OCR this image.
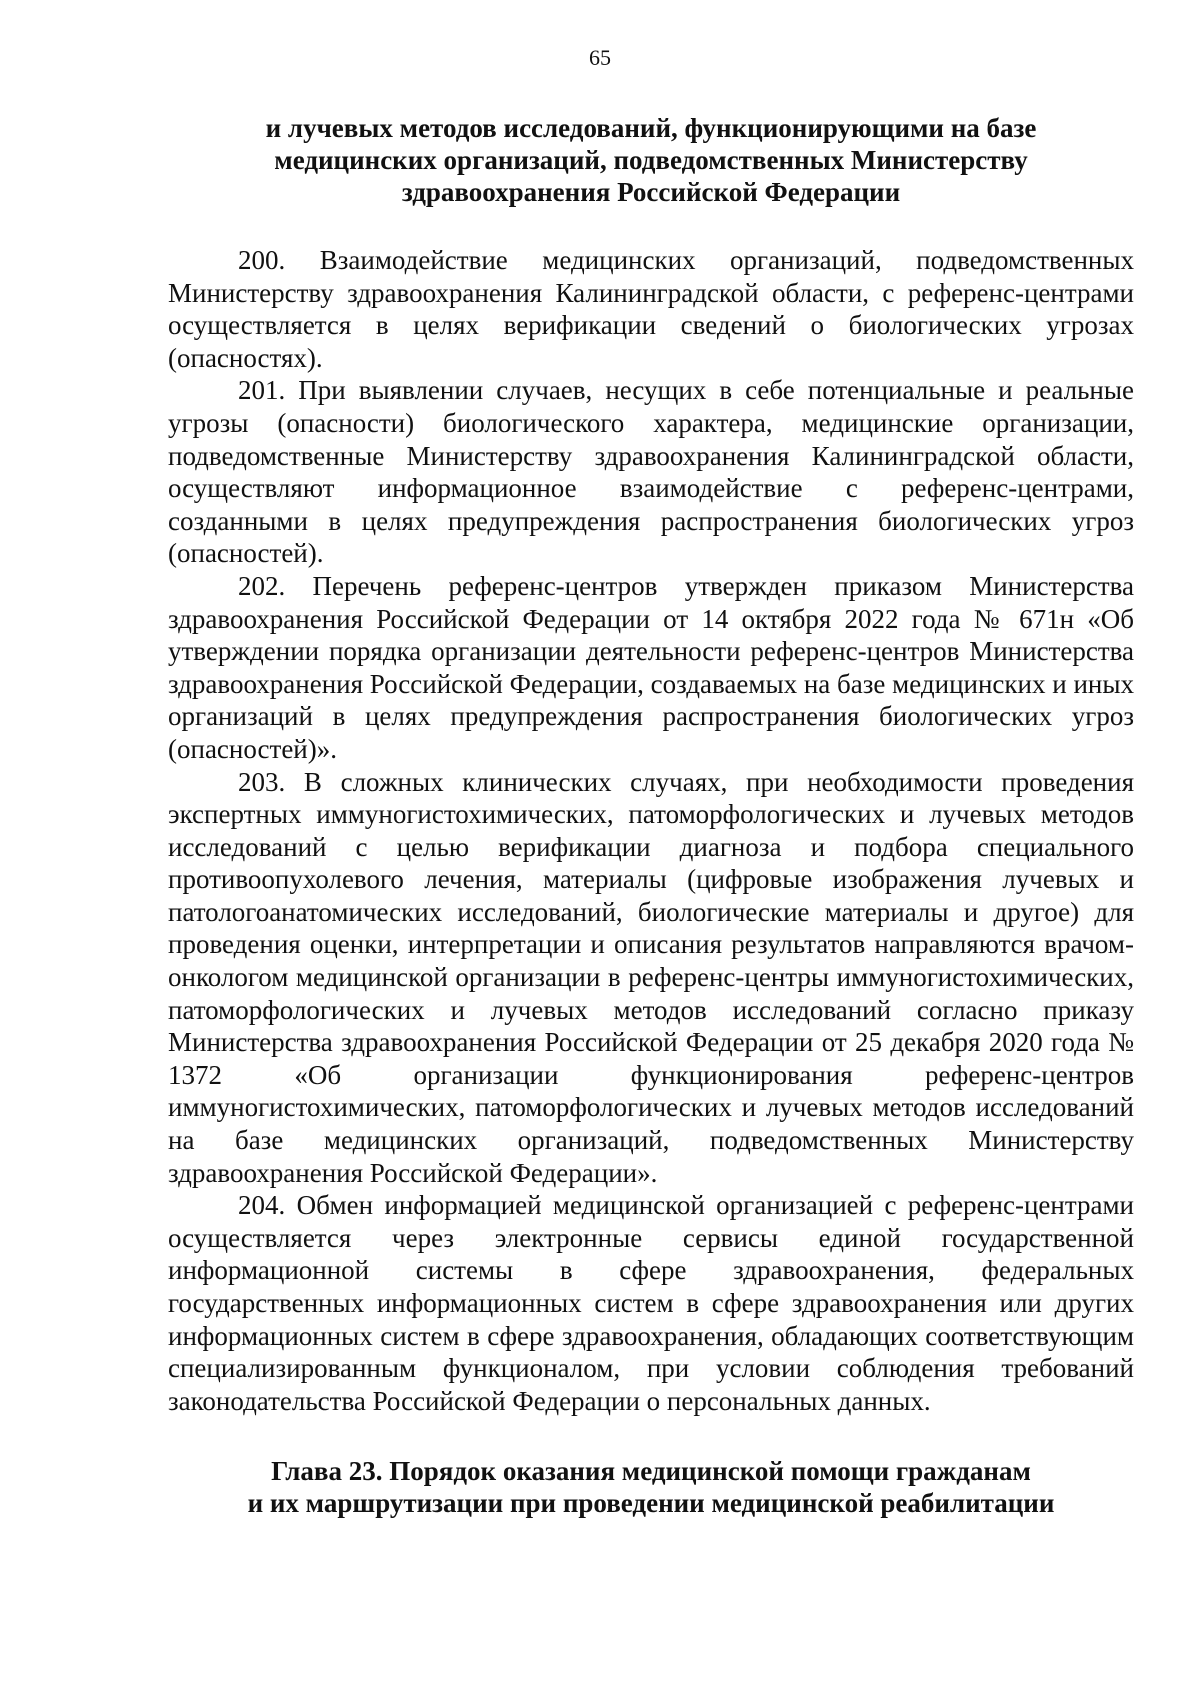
65
и лучевых методов исследований, функционирующими на базе
медицинских организаций, подведомственных Министерству
здравоохранения Российской Федерации

200. Взаимодействие медицинских организаций, подведомственных Министерству здравоохранения Калининградской области, с референс-центрами осуществляется в целях верификации сведений о биологических угрозах (опасностях).

201. При выявлении случаев, несущих в себе потенциальные и реальные угрозы (опасности) биологического характера, медицинские организации, подведомственные Министерству здравоохранения Калининградской области, осуществляют информационное взаимодействие с референс-центрами, созданными в целях предупреждения распространения биологических угроз (опасностей).

202. Перечень референс-центров утвержден приказом Министерства здравоохранения Российской Федерации от 14 октября 2022 года № 671н «Об утверждении порядка организации деятельности референс-центров Министерства здравоохранения Российской Федерации, создаваемых на базе медицинских и иных организаций в целях предупреждения распространения биологических угроз (опасностей)».

203. В сложных клинических случаях, при необходимости проведения экспертных иммуногистохимических, патоморфологических и лучевых методов исследований с целью верификации диагноза и подбора специального противоопухолевого лечения, материалы (цифровые изображения лучевых и патологоанатомических исследований, биологические материалы и другое) для проведения оценки, интерпретации и описания результатов направляются врачом-онкологом медицинской организации в референс-центры иммуногистохимических, патоморфологических и лучевых методов исследований согласно приказу Министерства здравоохранения Российской Федерации от 25 декабря 2020 года № 1372 «Об организации функционирования референс-центров иммуногистохимических, патоморфологических и лучевых методов исследований на базе медицинских организаций, подведомственных Министерству здравоохранения Российской Федерации».

204. Обмен информацией медицинской организацией с референс-центрами осуществляется через электронные сервисы единой государственной информационной системы в сфере здравоохранения, федеральных государственных информационных систем в сфере здравоохранения или других информационных систем в сфере здравоохранения, обладающих соответствующим специализированным функционалом, при условии соблюдения требований законодательства Российской Федерации о персональных данных.

Глава 23. Порядок оказания медицинской помощи гражданам
и их маршрутизации при проведении медицинской реабилитации
